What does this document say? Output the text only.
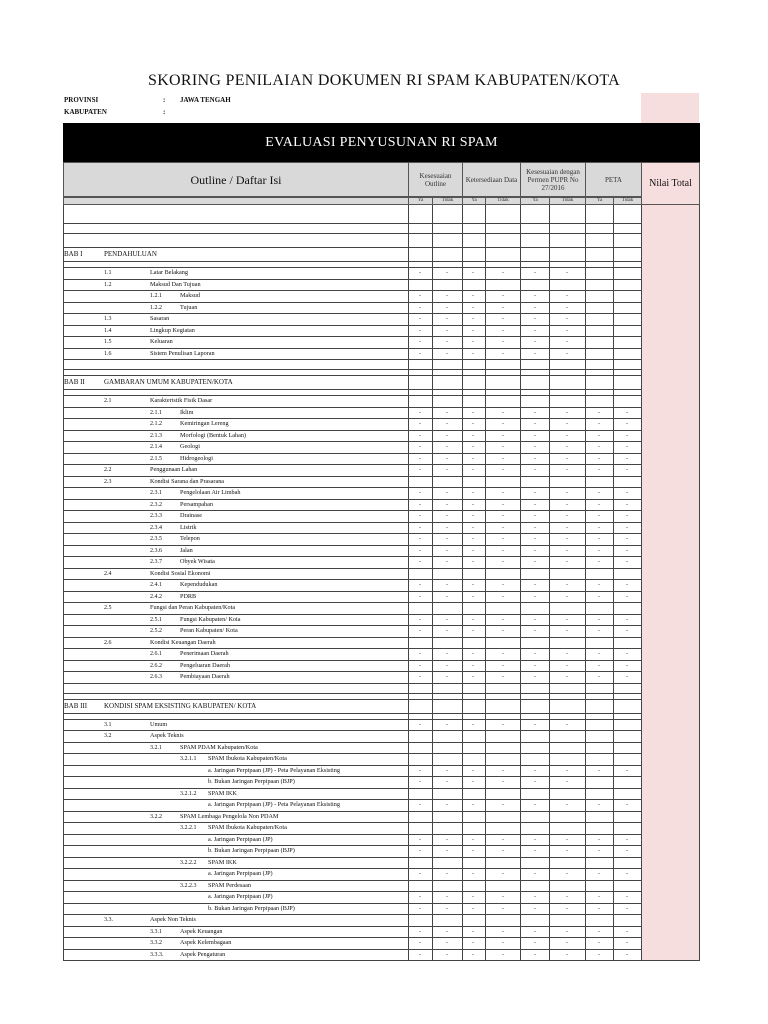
SKORING PENILAIAN DOKUMEN RI SPAM KABUPATEN/KOTA
PROVINSI	: JAWA TENGAH
KABUPATEN	:
EVALUASI PENYUSUNAN RI SPAM
Outline / Daftar Isi	Kesesuaian Outline	Ketersediaan Data
Kesesuaian dengan Permen PUPR No 27/2016
PETA	Nilai Total
Ya	Tidak	Ya	Tidak	Ya	Tidak	Ya	Tidak
BAB I	PENDAHULUAN
1.1	Latar Belakang	-	-	-	-	-	-
1.2	Maksud Dan Tujuan
1.2.1	Maksud	-	-	-	-	-	-
1.2.2	Tujuan	-	-	-	-	-	-
1.3	Sasaran	-	-	-	-	-	-
1.4	Lingkup Kegiatan	-	-	-	-	-	-
1.5	Keluaran	-	-	-	-	-	-
1.6	Sistem Penulisan Laporan	-	-	-	-	-	-
BAB II	GAMBARAN UMUM KABUPATEN/KOTA
2.1	Karakteristik Fisik Dasar
2.1.1	Iklim	-	-	-	-	-	-	-	-
2.1.2	Kemiringan Lereng	-	-	-	-	-	-	-	-
2.1.3	Morfologi (Bentuk Lahan)	-	-	-	-	-	-	-	-
2.1.4	Geologi	-	-	-	-	-	-	-	-
2.1.5	Hidrogeologi	-	-	-	-	-	-	-	-
2.2	Penggunaan Lahan	-	-	-	-	-	-	-	-
2.3	Kondisi Sarana dan Prasarana
2.3.1	Pengelolaan Air Limbah	-	-	-	-	-	-	-	-
2.3.2	Persampahan	-	-	-	-	-	-	-	-
2.3.3	Drainase	-	-	-	-	-	-	-	-
2.3.4	Listrik	-	-	-	-	-	-	-	-
2.3.5	Telepon	-	-	-	-	-	-	-	-
2.3.6	Jalan	-	-	-	-	-	-	-	-
2.3.7	Obyek Wisata	-	-	-	-	-	-	-	-
2.4	Kondisi Sosial Ekonomi
2.4.1	Kependudukan	-	-	-	-	-	-	-	-
2.4.2	PDRB	-	-	-	-	-	-	-	-
2.5	Fungsi dan Peran Kabupaten/Kota
2.5.1	Fungsi Kabupaten/ Kota	-	-	-	-	-	-	-	-
2.5.2	Peran Kabupaten/ Kota	-	-	-	-	-	-	-	-
2.6	Kondisi Keuangan Daerah
2.6.1	Penerimaan Daerah	-	-	-	-	-	-	-	-
2.6.2	Pengeluaran Daerah	-	-	-	-	-	-	-	-
2.6.3	Pembiayaan Daerah	-	-	-	-	-	-	-	-
BAB III KONDISI SPAM EKSISTING KABUPATEN/ KOTA
3.1	Umum	-	-	-	-	-	-
3.2	Aspek Teknis
3.2.1	SPAM PDAM Kabupaten/Kota
3.2.1.1 SPAM Ibukota Kabupaten/Kota
a. Jaringan Perpipaan (JP) - Peta Pelayanan Eksisting	-	-	-	-	-	-	-	-
b. Bukan Jaringan Perpipaan (BJP)	-	-	-	-	-	-
3.2.1.2 SPAM IKK
a. Jaringan Perpipaan (JP) - Peta Pelayanan Eksisting	-	-	-	-	-	-	-	-
3.2.2	SPAM Lembaga Pengelola Non PDAM
3.2.2.1 SPAM Ibukota Kabupaten/Kota
a. Jaringan Perpipaan (JP)	-	-	-	-	-	-	-	-
b. Bukan Jaringan Perpipaan (BJP)	-	-	-	-	-	-	-	-
3.2.2.2 SPAM IKK
a. Jaringan Perpipaan (JP)	-	-	-	-	-	-	-	-
3.2.2.3 SPAM Perdesaan
a. Jaringan Perpipaan (JP)	-	-	-	-	-	-	-	-
b. Bukan Jaringan Perpipaan (BJP)	-	-	-	-	-	-	-	-
3.3.	Aspek Non Teknis
3.3.1	Aspek Keuangan	-	-	-	-	-	-	-	-
3.3.2	Aspek Kelembagaan	-	-	-	-	-	-	-	-
3.3.3.	Aspek Pengaturan	-	-	-	-	-	-	-	-
